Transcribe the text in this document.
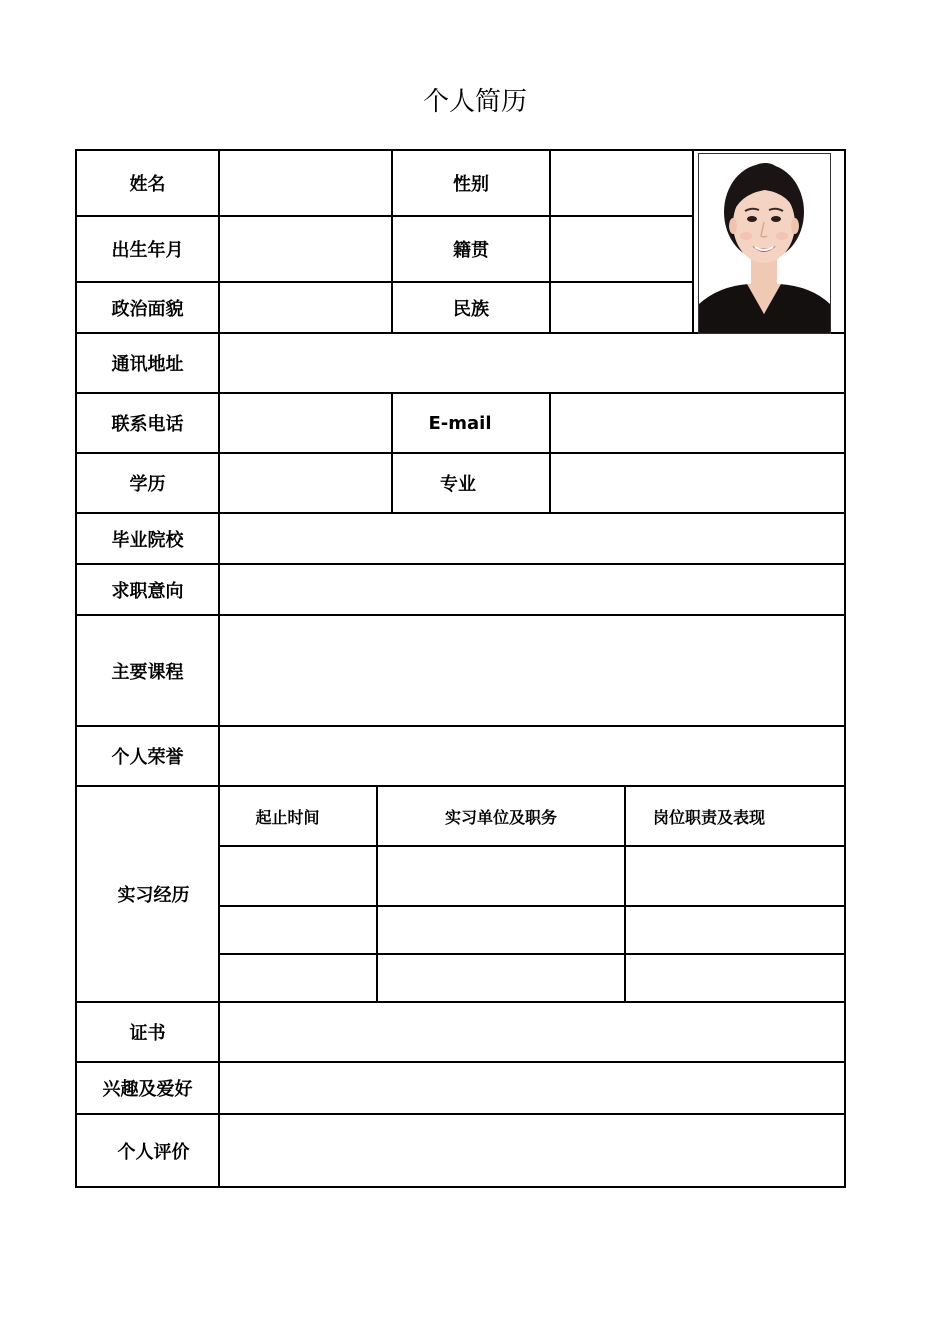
个人简历
姓名	性别
出生年月	籍贯
政治面貌	民族
通讯地址
联系电话	E-mail
学历	专业
毕业院校
求职意向
主要课程
个人荣誉
实习经历
起止时间	实习单位及职务	岗位职责及表现
证书
兴趣及爱好
个人评价
